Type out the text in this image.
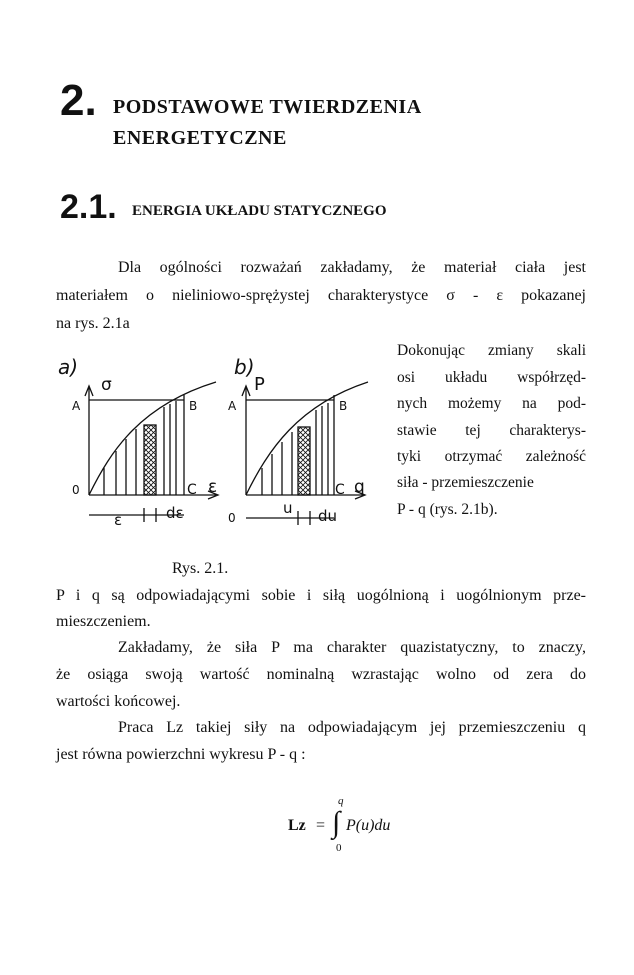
2. PODSTAWOWE TWIERDZENIA
ENERGETYCZNE
2.1. ENERGIA UKŁADU STATYCZNEGO
Dla ogólności rozważań zakładamy, że materiał ciała jest
materiałem o nieliniowo-sprężystej charakterystyce σ - ε pokazanej
na rys. 2.1a
Dokonując zmiany skali
osi układu współrzęd-
nych możemy na pod-
stawie tej charakterys-
tyki otrzymać zależność
siła - przemieszczenie
P - q (rys. 2.1b).
a)
σ
A	B
0	C ε
ε	dε
b)
P
A	B
0
C q
u du
Rys. 2.1.
P i q są odpowiadającymi sobie i siłą uogólnioną i uogólnionym prze-
mieszczeniem.
Zakładamy, że siła P ma charakter quazistatyczny, to znaczy,
że osiąga swoją wartość nominalną wzrastając wolno od zera do
wartości końcowej.
Praca Lz takiej siły na odpowiadającym jej przemieszczeniu q
jest równa powierzchni wykresu P - q :
Lz =
q
∫
0
P(u)du
